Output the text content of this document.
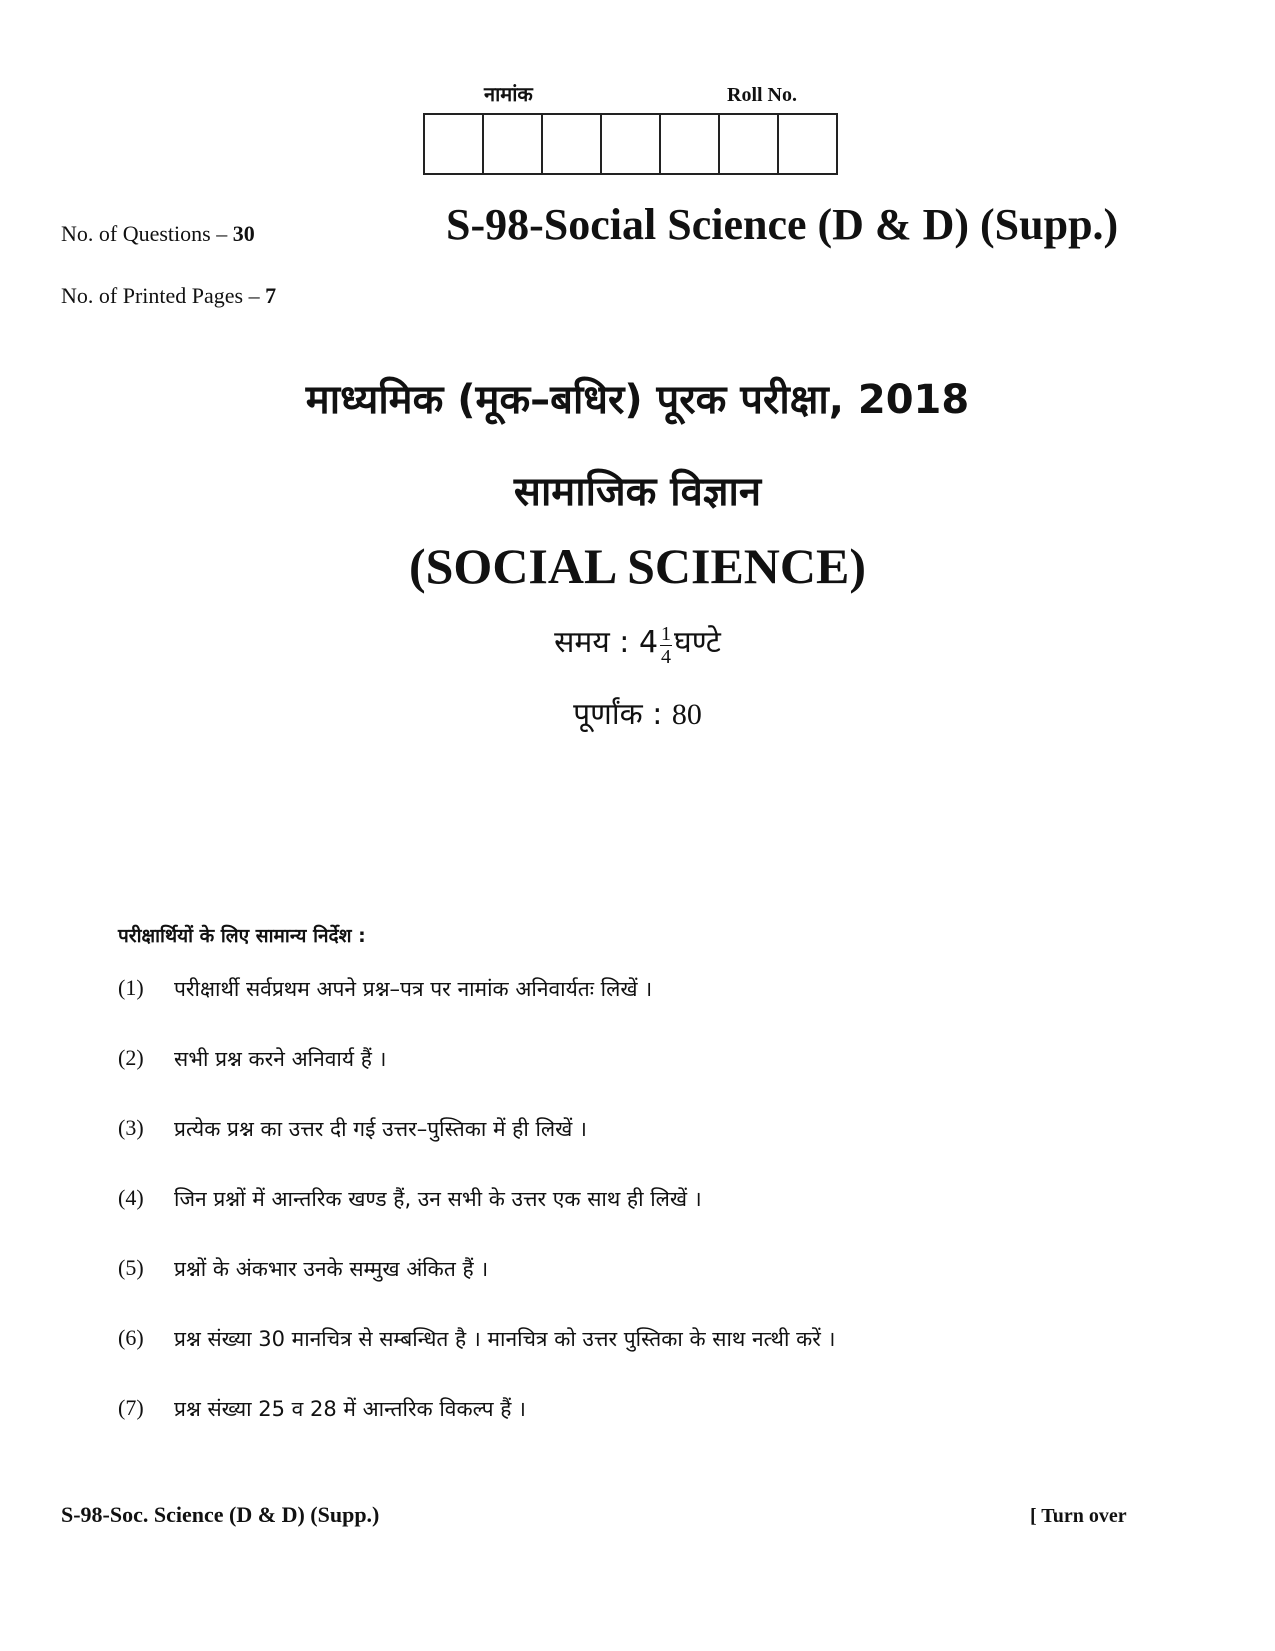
नामांक	Roll No.
No. of Questions – 30
No. of Printed Pages – 7
S-98-Social Science (D & D) (Supp.)
माध्यमिक (मूक–बधिर) पूरक परीक्षा, 2018
सामाजिक विज्ञान
(SOCIAL SCIENCE)
समय : $4 \frac{1}{4}$ घण्टे
पूर्णांक : 80
परीक्षार्थियों के लिए सामान्य निर्देश :
(1)	परीक्षार्थी सर्वप्रथम अपने प्रश्न–पत्र पर नामांक अनिवार्यतः लिखें ।
(2)	सभी प्रश्न करने अनिवार्य हैं ।
(3)	प्रत्येक प्रश्न का उत्तर दी गई उत्तर–पुस्तिका में ही लिखें ।
(4)	जिन प्रश्नों में आन्तरिक खण्ड हैं, उन सभी के उत्तर एक साथ ही लिखें ।
(5)	प्रश्नों के अंकभार उनके सम्मुख अंकित हैं ।
(6)	प्रश्न संख्या 30 मानचित्र से सम्बन्धित है । मानचित्र को उत्तर पुस्तिका के साथ नत्थी करें ।
(7)	प्रश्न संख्या 25 व 28 में आन्तरिक विकल्प हैं ।
S-98-Soc. Science (D & D) (Supp.)	[ Turn over
